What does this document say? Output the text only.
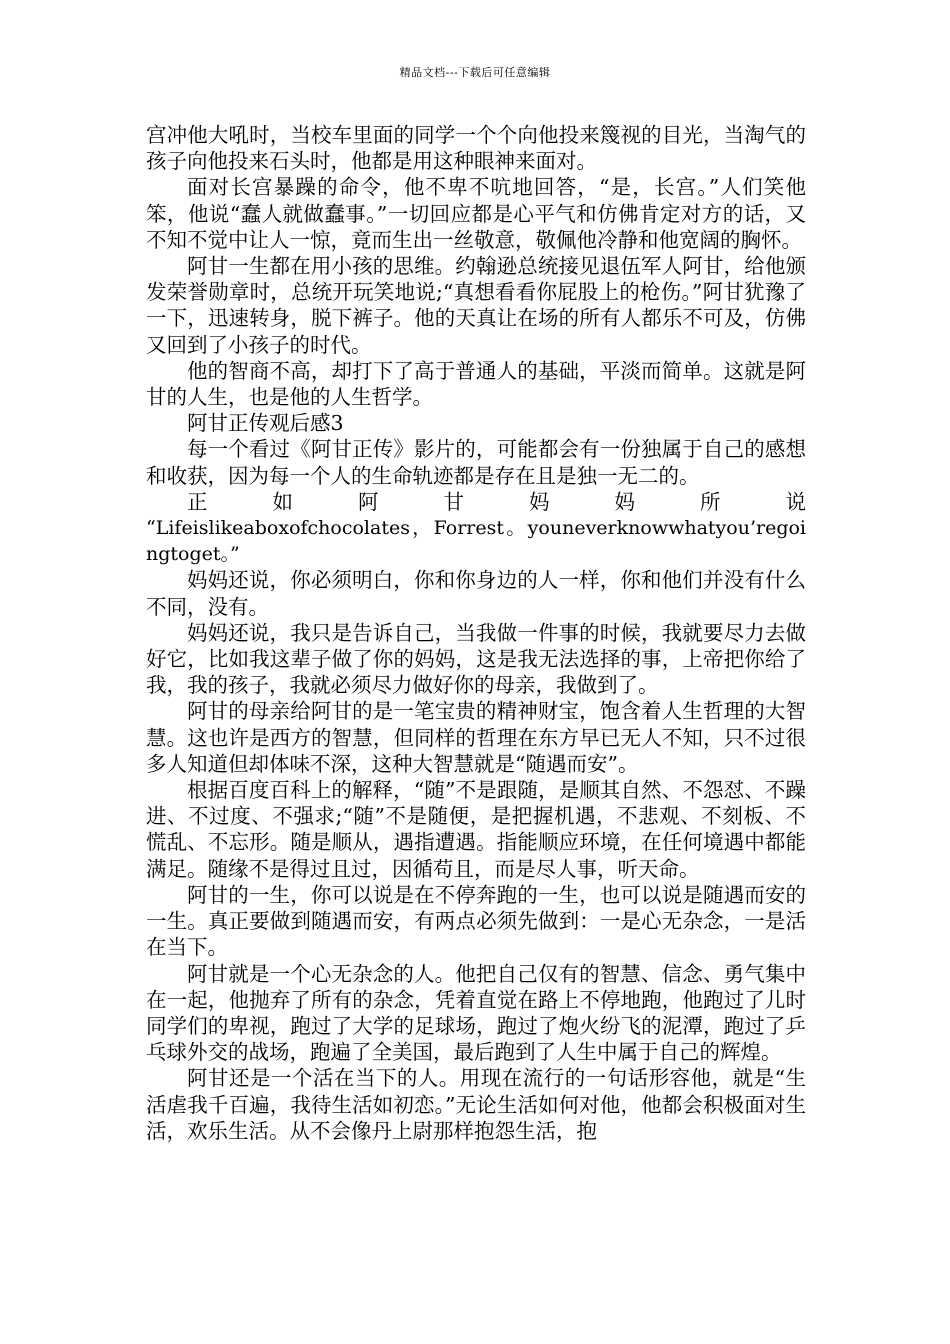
精品文档---下载后可任意编辑

宫冲他大吼时，当校车里面的同学一个个向他投来篾视的目光，当淘气的孩子向他投来石头时，他都是用这种眼神来面对。

面对长宫暴躁的命令，他不卑不吭地回答，“是，长宫。”人们笑他笨，他说“蠢人就做蠢事。”一切回应都是心平气和仿佛肯定对方的话，又不知不觉中让人一惊，竟而生出一丝敬意，敬佩他冷静和他宽阔的胸怀。

阿甘一生都在用小孩的思维。约翰逊总统接见退伍军人阿甘，给他颁发荣誉勋章时，总统开玩笑地说;“真想看看你屁股上的枪伤。”阿甘犹豫了一下，迅速转身，脱下裤子。他的天真让在场的所有人都乐不可及，仿佛又回到了小孩子的时代。

他的智商不高，却打下了高于普通人的基础，平淡而简单。这就是阿甘的人生，也是他的人生哲学。

阿甘正传观后感3

每一个看过《阿甘正传》影片的，可能都会有一份独属于自己的感想和收获，因为每一个人的生命轨迹都是存在且是独一无二的。

正　　如　　阿　　甘　　妈　　妈　　所　　说

“Lifeislikeaboxofchocolates，Forrest。youneverknowwhatyou’regoingtoget。”

妈妈还说，你必须明白，你和你身边的人一样，你和他们并没有什么不同，没有。

妈妈还说，我只是告诉自己，当我做一件事的时候，我就要尽力去做好它，比如我这辈子做了你的妈妈，这是我无法选择的事，上帝把你给了我，我的孩子，我就必须尽力做好你的母亲，我做到了。

阿甘的母亲给阿甘的是一笔宝贵的精神财宝，饱含着人生哲理的大智慧。这也许是西方的智慧，但同样的哲理在东方早已无人不知，只不过很多人知道但却体味不深，这种大智慧就是“随遇而安”。

根据百度百科上的解释，“随”不是跟随，是顺其自然、不怨怼、不躁进、不过度、不强求;“随”不是随便，是把握机遇，不悲观、不刻板、不慌乱、不忘形。随是顺从，遇指遭遇。指能顺应环境，在任何境遇中都能满足。随缘不是得过且过，因循苟且，而是尽人事，听天命。

阿甘的一生，你可以说是在不停奔跑的一生，也可以说是随遇而安的一生。真正要做到随遇而安，有两点必须先做到：一是心无杂念，一是活在当下。

阿甘就是一个心无杂念的人。他把自己仅有的智慧、信念、勇气集中在一起，他抛弃了所有的杂念，凭着直觉在路上不停地跑，他跑过了儿时同学们的卑视，跑过了大学的足球场，跑过了炮火纷飞的泥潭，跑过了乒乓球外交的战场，跑遍了全美国，最后跑到了人生中属于自己的辉煌。

阿甘还是一个活在当下的人。用现在流行的一句话形容他，就是“生活虐我千百遍，我待生活如初恋。”无论生活如何对他，他都会积极面对生活，欢乐生活。从不会像丹上尉那样抱怨生活，抱
